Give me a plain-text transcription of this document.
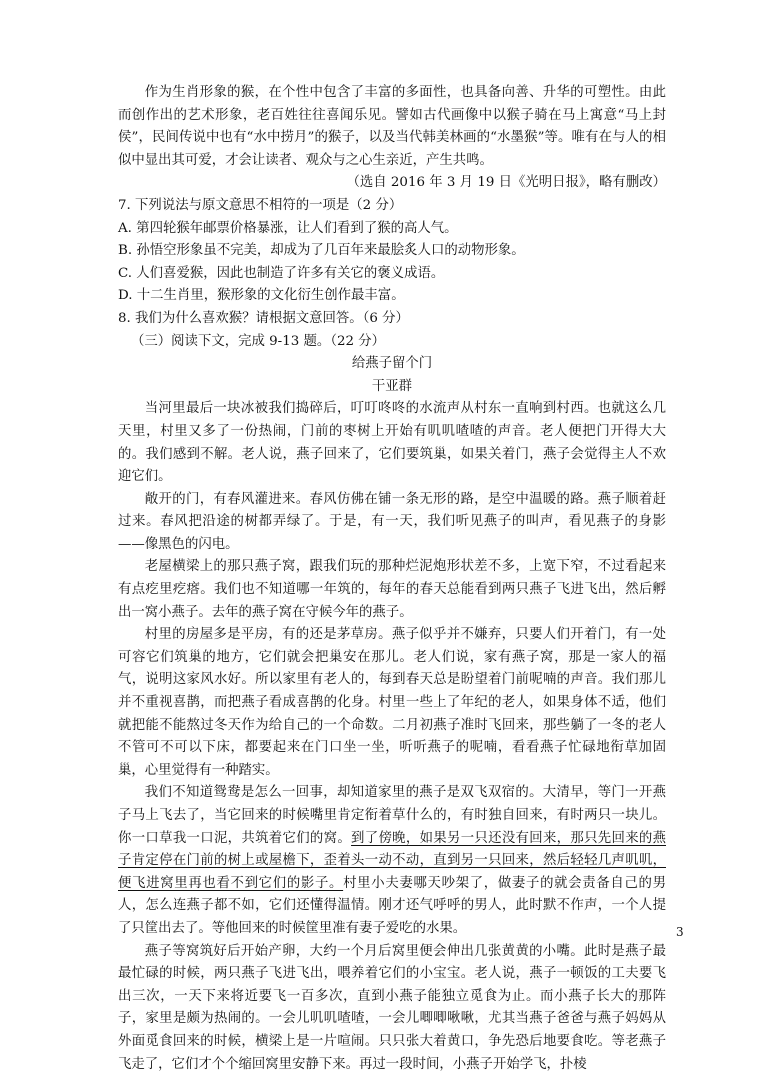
作为生肖形象的猴，在个性中包含了丰富的多面性，也具备向善、升华的可塑性。由此而创作出的艺术形象，老百姓往往喜闻乐见。譬如古代画像中以猴子骑在马上寓意“马上封侯”，民间传说中也有“水中捞月”的猴子，以及当代韩美林画的“水墨猴”等。唯有在与人的相似中显出其可爱，才会让读者、观众与之心生亲近，产生共鸣。

（选自 2016 年 3 月 19 日《光明日报》，略有删改）

7. 下列说法与原文意思不相符的一项是（2 分）

A. 第四轮猴年邮票价格暴涨，让人们看到了猴的高人气。

B. 孙悟空形象虽不完美，却成为了几百年来最脍炙人口的动物形象。

C. 人们喜爱猴，因此也制造了许多有关它的褒义成语。

D. 十二生肖里，猴形象的文化衍生创作最丰富。

8. 我们为什么喜欢猴？请根据文意回答。（6 分）

（三）阅读下文，完成 9-13 题。（22 分）

给燕子留个门

干亚群

当河里最后一块冰被我们捣碎后，叮叮咚咚的水流声从村东一直响到村西。也就这么几天里，村里又多了一份热闹，门前的枣树上开始有叽叽喳喳的声音。老人便把门开得大大的。我们感到不解。老人说，燕子回来了，它们要筑巢，如果关着门，燕子会觉得主人不欢迎它们。

敞开的门，有春风灌进来。春风仿佛在铺一条无形的路，是空中温暖的路。燕子顺着赶过来。春风把沿途的树都弄绿了。于是，有一天，我们听见燕子的叫声，看见燕子的身影——像黑色的闪电。

老屋横梁上的那只燕子窝，跟我们玩的那种烂泥炮形状差不多，上宽下窄，不过看起来有点疙里疙瘩。我们也不知道哪一年筑的，每年的春天总能看到两只燕子飞进飞出，然后孵出一窝小燕子。去年的燕子窝在守候今年的燕子。

村里的房屋多是平房，有的还是茅草房。燕子似乎并不嫌弃，只要人们开着门，有一处可容它们筑巢的地方，它们就会把巢安在那儿。老人们说，家有燕子窝，那是一家人的福气，说明这家风水好。所以家里有老人的，每到春天总是盼望着门前呢喃的声音。我们那儿并不重视喜鹊，而把燕子看成喜鹊的化身。村里一些上了年纪的老人，如果身体不适，他们就把能不能熬过冬天作为给自己的一个命数。二月初燕子准时飞回来，那些躺了一冬的老人不管可不可以下床，都要起来在门口坐一坐，听听燕子的呢喃，看看燕子忙碌地衔草加固巢，心里觉得有一种踏实。

我们不知道鸳鸯是怎么一回事，却知道家里的燕子是双飞双宿的。大清早，等门一开燕子马上飞去了，当它回来的时候嘴里肯定衔着草什么的，有时独自回来，有时两只一块儿。你一口草我一口泥，共筑着它们的窝。到了傍晚，如果另一只还没有回来，那只先回来的燕子肯定停在门前的树上或屋檐下，歪着头一动不动，直到另一只回来，然后轻轻几声叽叽，便飞进窝里再也看不到它们的影子。村里小夫妻哪天吵架了，做妻子的就会责备自己的男人，怎么连燕子都不如，它们还懂得温情。刚才还气呼呼的男人，此时默不作声，一个人提了只筐出去了。等他回来的时候筐里准有妻子爱吃的水果。

燕子等窝筑好后开始产卵，大约一个月后窝里便会伸出几张黄黄的小嘴。此时是燕子最最忙碌的时候，两只燕子飞进飞出，喂养着它们的小宝宝。老人说，燕子一顿饭的工夫要飞出三次，一天下来将近要飞一百多次，直到小燕子能独立觅食为止。而小燕子长大的那阵子，家里是颇为热闹的。一会儿叽叽喳喳，一会儿唧唧啾啾，尤其当燕子爸爸与燕子妈妈从外面觅食回来的时候，横梁上是一片喧闹。只只张大着黄口，争先恐后地要食吃。等老燕子飞走了，它们才个个缩回窝里安静下来。再过一段时间，小燕子开始学飞，扑棱

3
